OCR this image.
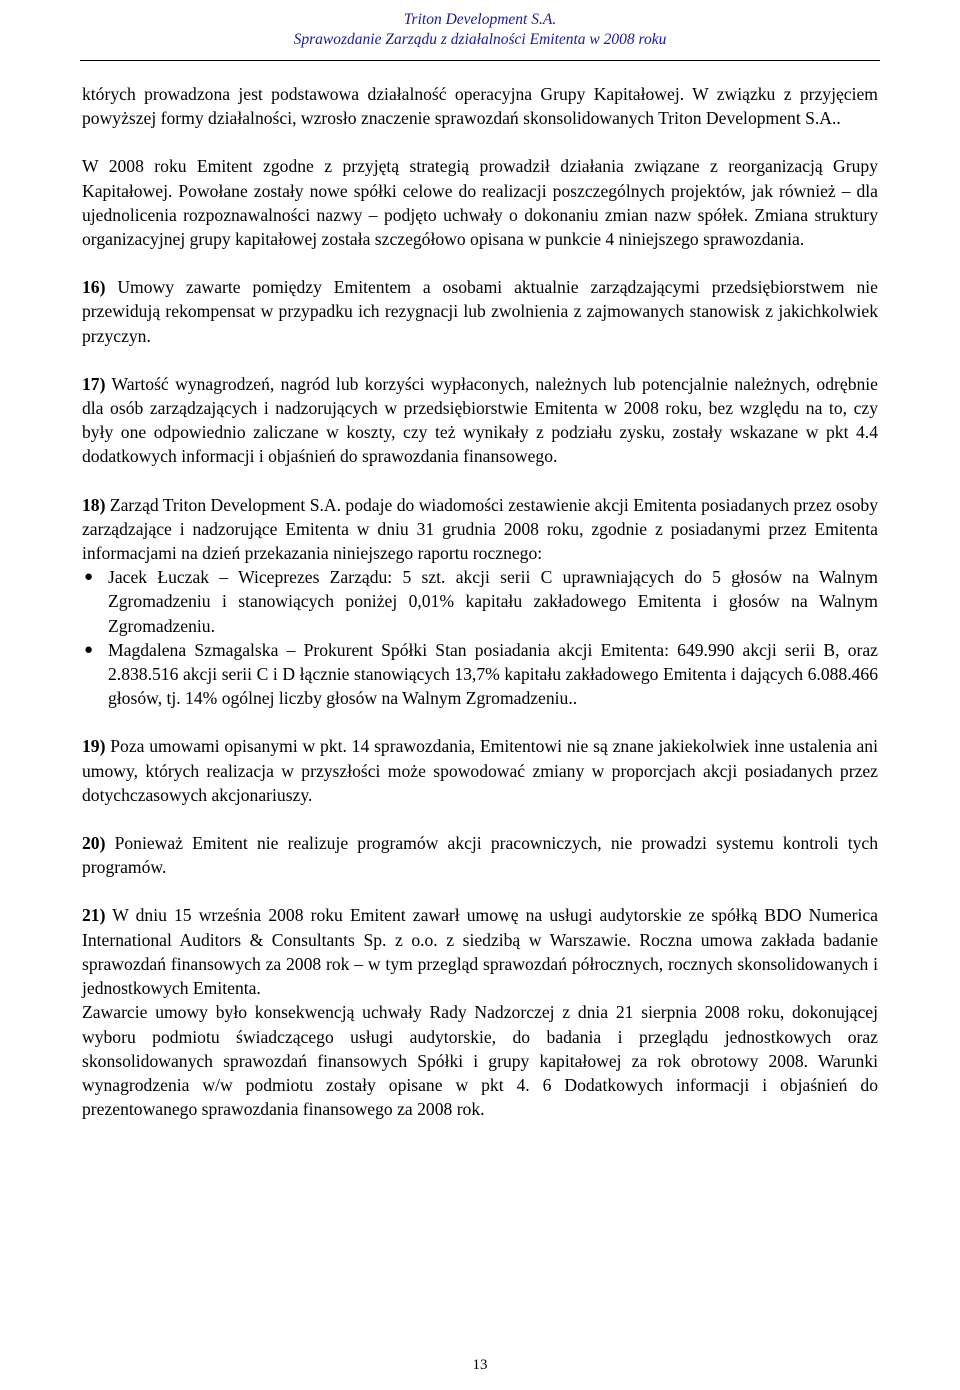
Triton Development S.A.
Sprawozdanie Zarządu z działalności Emitenta w 2008 roku

których prowadzona jest podstawowa działalność operacyjna Grupy Kapitałowej. W związku z przyjęciem powyższej formy działalności, wzrosło znaczenie sprawozdań skonsolidowanych Triton Development S.A..

W 2008 roku Emitent zgodne z przyjętą strategią prowadził działania związane z reorganizacją Grupy Kapitałowej. Powołane zostały nowe spółki celowe do realizacji poszczególnych projektów, jak również – dla ujednolicenia rozpoznawalności nazwy – podjęto uchwały o dokonaniu zmian nazw spółek. Zmiana struktury organizacyjnej grupy kapitałowej została szczegółowo opisana w punkcie 4 niniejszego sprawozdania.

16) Umowy zawarte pomiędzy Emitentem a osobami aktualnie zarządzającymi przedsiębiorstwem nie przewidują rekompensat w przypadku ich rezygnacji lub zwolnienia z zajmowanych stanowisk z jakichkolwiek przyczyn.

17) Wartość wynagrodzeń, nagród lub korzyści wypłaconych, należnych lub potencjalnie należnych, odrębnie dla osób zarządzających i nadzorujących w przedsiębiorstwie Emitenta w 2008 roku, bez względu na to, czy były one odpowiednio zaliczane w koszty, czy też wynikały z podziału zysku, zostały wskazane w pkt 4.4 dodatkowych informacji i objaśnień do sprawozdania finansowego.

18) Zarząd Triton Development S.A. podaje do wiadomości zestawienie akcji Emitenta posiadanych przez osoby zarządzające i nadzorujące Emitenta w dniu 31 grudnia 2008 roku, zgodnie z posiadanymi przez Emitenta informacjami na dzień przekazania niniejszego raportu rocznego:

● Jacek Łuczak – Wiceprezes Zarządu: 5 szt. akcji serii C uprawniających do 5 głosów na Walnym Zgromadzeniu i stanowiących poniżej 0,01% kapitału zakładowego Emitenta i głosów na Walnym Zgromadzeniu.
● Magdalena Szmagalska – Prokurent Spółki Stan posiadania akcji Emitenta: 649.990 akcji serii B, oraz 2.838.516 akcji serii C i D łącznie stanowiących 13,7% kapitału zakładowego Emitenta i dających 6.088.466 głosów, tj. 14% ogólnej liczby głosów na Walnym Zgromadzeniu..

19) Poza umowami opisanymi w pkt. 14 sprawozdania, Emitentowi nie są znane jakiekolwiek inne ustalenia ani umowy, których realizacja w przyszłości może spowodować zmiany w proporcjach akcji posiadanych przez dotychczasowych akcjonariuszy.

20) Ponieważ Emitent nie realizuje programów akcji pracowniczych, nie prowadzi systemu kontroli tych programów.

21) W dniu 15 września 2008 roku Emitent zawarł umowę na usługi audytorskie ze spółką BDO Numerica International Auditors & Consultants Sp. z o.o. z siedzibą w Warszawie. Roczna umowa zakłada badanie sprawozdań finansowych za 2008 rok – w tym przegląd sprawozdań półrocznych, rocznych skonsolidowanych i jednostkowych Emitenta.

Zawarcie umowy było konsekwencją uchwały Rady Nadzorczej z dnia 21 sierpnia 2008 roku, dokonującej wyboru podmiotu świadczącego usługi audytorskie, do badania i przeglądu jednostkowych oraz skonsolidowanych sprawozdań finansowych Spółki i grupy kapitałowej za rok obrotowy 2008. Warunki wynagrodzenia w/w podmiotu zostały opisane w pkt 4. 6 Dodatkowych informacji i objaśnień do prezentowanego sprawozdania finansowego za 2008 rok.

13
